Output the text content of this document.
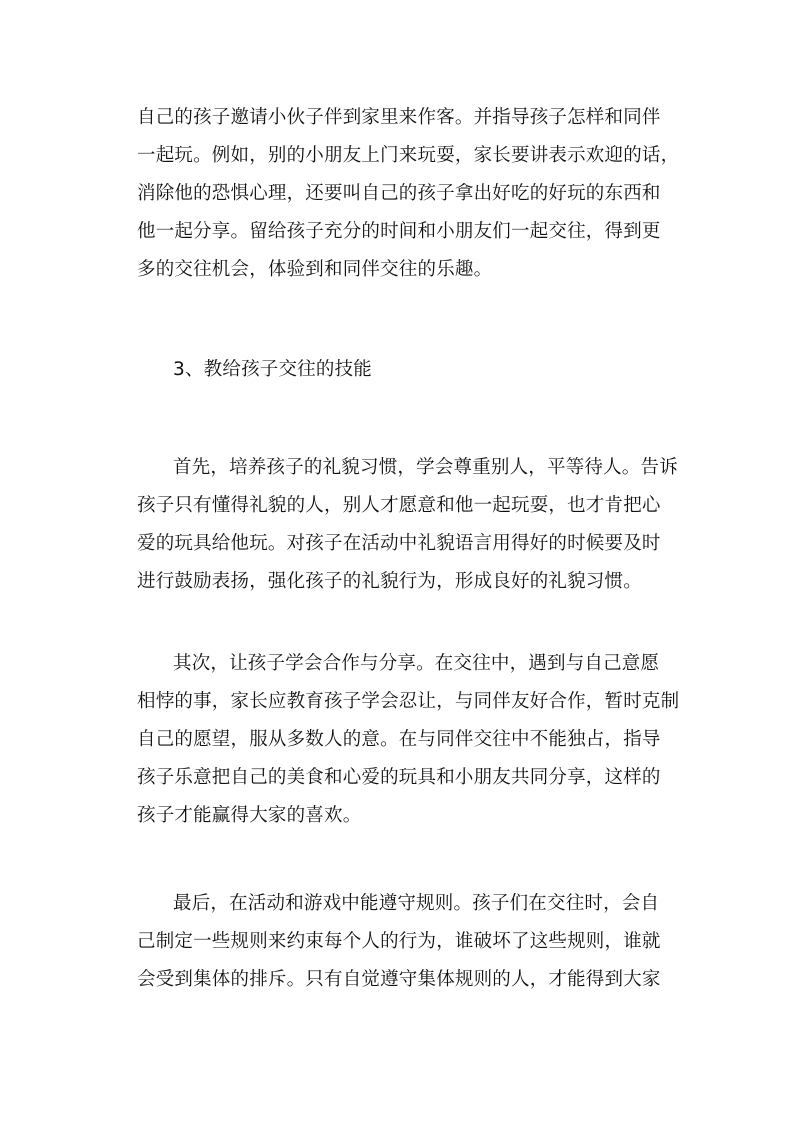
自己的孩子邀请小伙子伴到家里来作客。并指导孩子怎样和同伴
一起玩。例如，别的小朋友上门来玩耍，家长要讲表示欢迎的话，
消除他的恐惧心理，还要叫自己的孩子拿出好吃的好玩的东西和
他一起分享。留给孩子充分的时间和小朋友们一起交往，得到更
多的交往机会，体验到和同伴交往的乐趣。
3、教给孩子交往的技能
首先，培养孩子的礼貌习惯，学会尊重别人，平等待人。告诉
孩子只有懂得礼貌的人，别人才愿意和他一起玩耍，也才肯把心
爱的玩具给他玩。对孩子在活动中礼貌语言用得好的时候要及时
进行鼓励表扬，强化孩子的礼貌行为，形成良好的礼貌习惯。
其次，让孩子学会合作与分享。在交往中，遇到与自己意愿
相悖的事，家长应教育孩子学会忍让，与同伴友好合作，暂时克制
自己的愿望，服从多数人的意。在与同伴交往中不能独占，指导
孩子乐意把自己的美食和心爱的玩具和小朋友共同分享，这样的
孩子才能赢得大家的喜欢。
最后，在活动和游戏中能遵守规则。孩子们在交往时，会自
己制定一些规则来约束每个人的行为，谁破坏了这些规则，谁就
会受到集体的排斥。只有自觉遵守集体规则的人，才能得到大家
